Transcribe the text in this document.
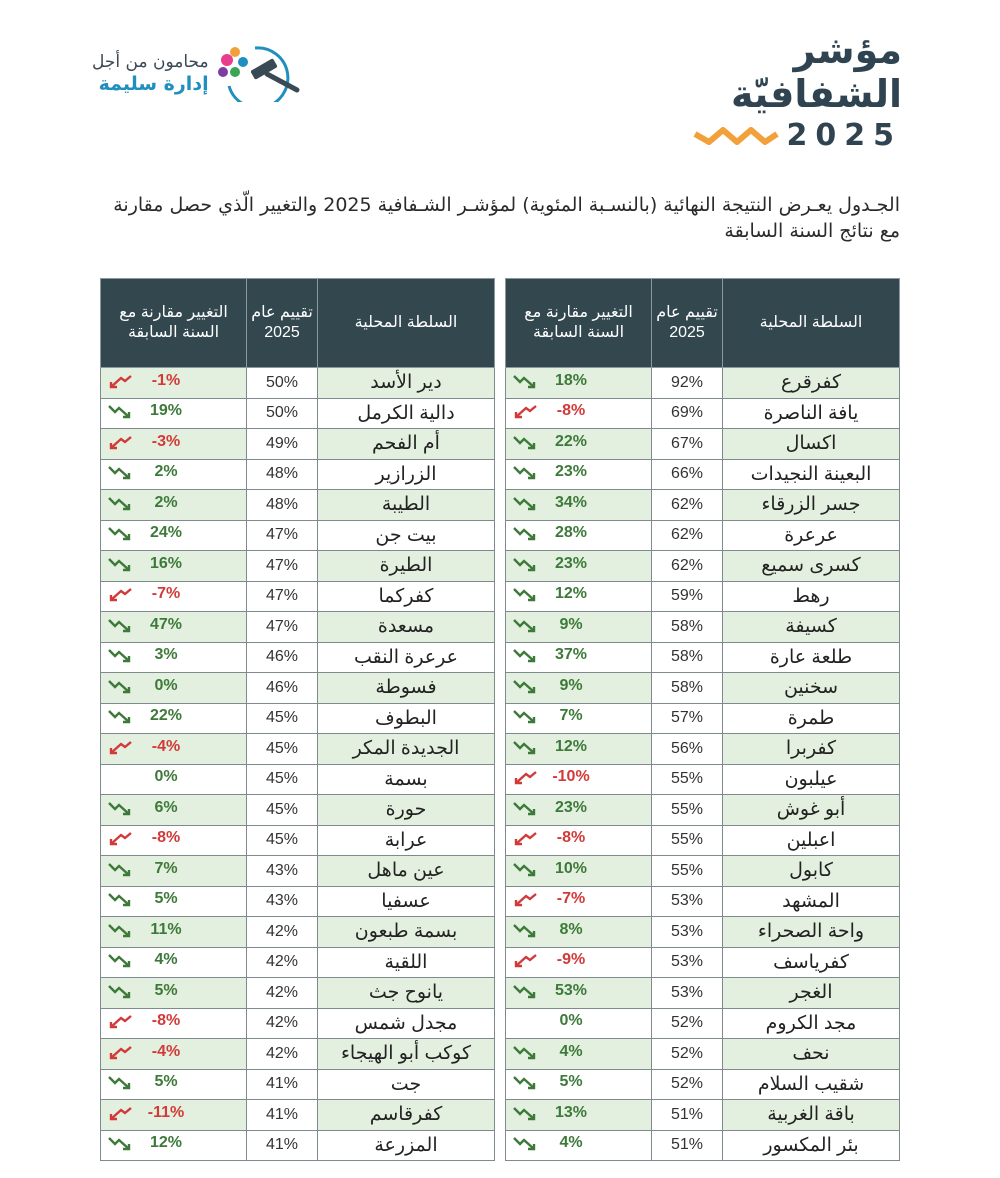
مؤشر
الشفافيّة
2025
محامون من أجل
إدارة سليمة
الجـدول يعـرض النتيجة النهائية (بالنسـبة المئوية) لمؤشـر الشـفافية 2025 والتغيير الّذي حصل مقارنة مع نتائج السنة السابقة
السلطة المحلية	تقييم عام 2025	التغيير مقارنة مع السنة السابقة
كفرقرع	92%	18%

يافة الناصرة	69%	-8%

اكسال	67%	22%

البعينة النجيدات	66%	23%

جسر الزرقاء	62%	34%

عرعرة	62%	28%

كسرى سميع	62%	23%

رهط	59%	12%

كسيفة	58%	9%

طلعة عارة	58%	37%

سخنين	58%	9%

طمرة	57%	7%

كفربرا	56%	12%

عيلبون	55%	-10%

أبو غوش	55%	23%

اعبلين	55%	-8%

كابول	55%	10%

المشهد	53%	-7%

واحة الصحراء	53%	8%

كفرياسف	53%	-9%

الغجر	53%	53%

مجد الكروم	52%	0%

نحف	52%	4%

شقيب السلام	52%	5%

باقة الغربية	51%	13%

بئر المكسور	51%	4%
السلطة المحلية	تقييم عام 2025	التغيير مقارنة مع السنة السابقة
دير الأسد	50%	-1%

دالية الكرمل	50%	19%

أم الفحم	49%	-3%

الزرازير	48%	2%

الطيبة	48%	2%

بيت جن	47%	24%

الطيرة	47%	16%

كفركما	47%	-7%

مسعدة	47%	47%

عرعرة النقب	46%	3%

فسوطة	46%	0%

البطوف	45%	22%

الجديدة المكر	45%	-4%

بسمة	45%	0%

حورة	45%	6%

عرابة	45%	-8%

عين ماهل	43%	7%

عسفيا	43%	5%

بسمة طبعون	42%	11%

اللقية	42%	4%

يانوح جث	42%	5%

مجدل شمس	42%	-8%

كوكب أبو الهيجاء	42%	-4%

جت	41%	5%

كفرقاسم	41%	-11%

المزرعة	41%	12%
